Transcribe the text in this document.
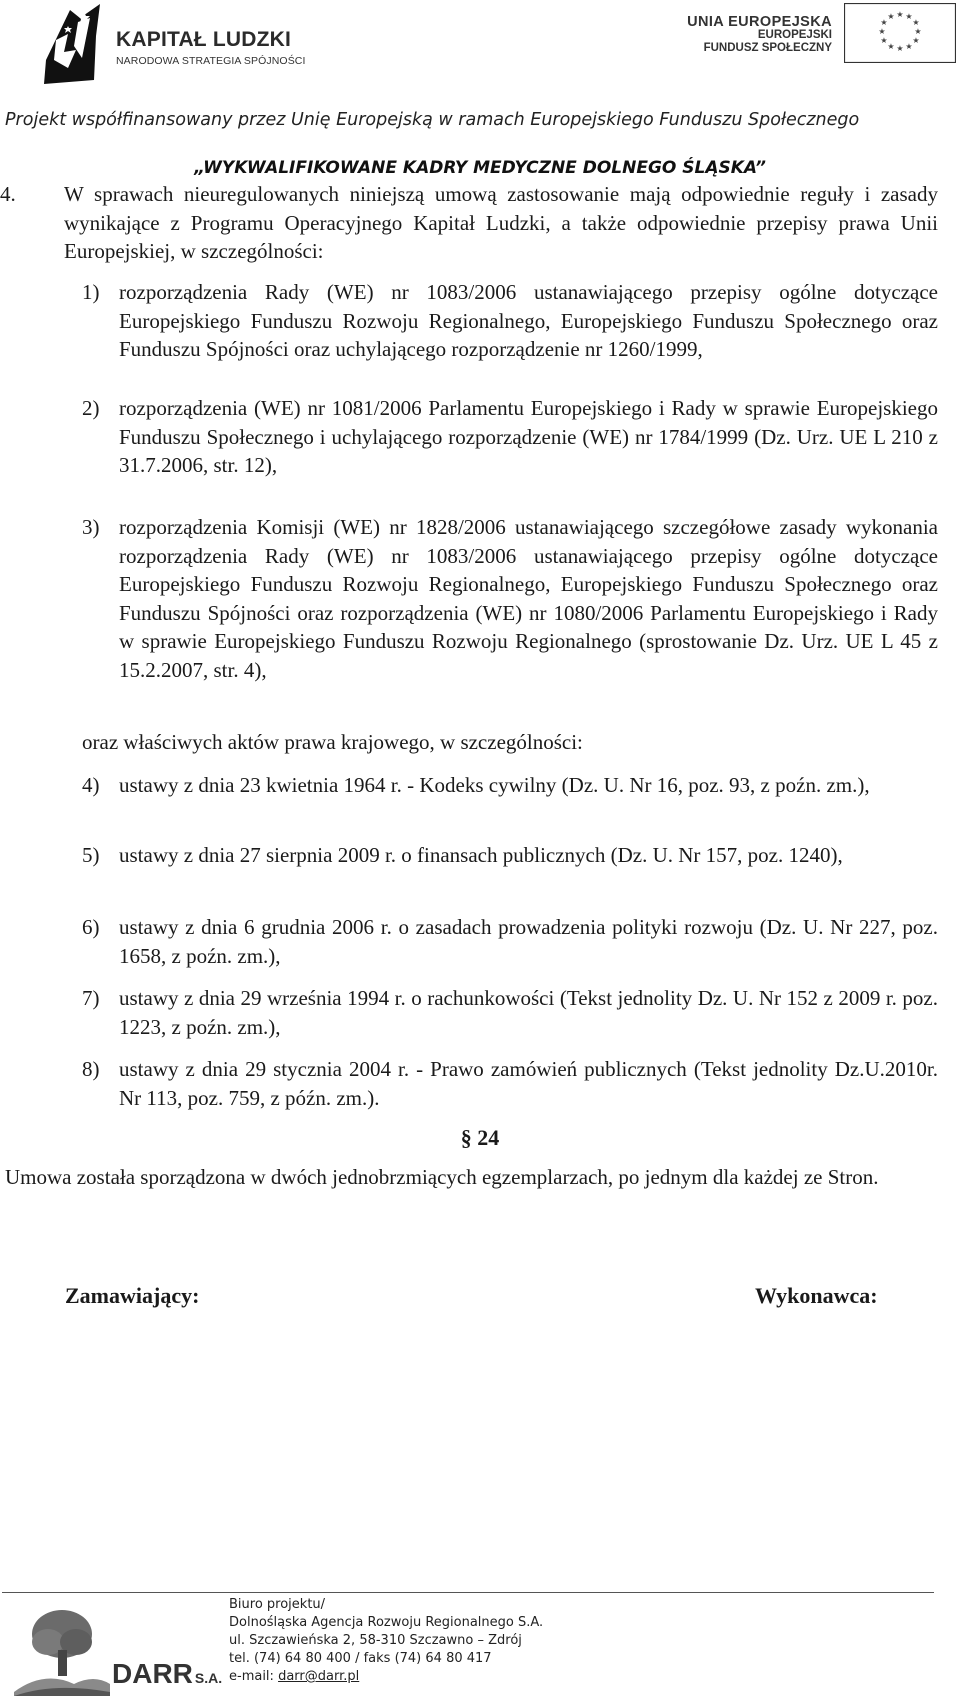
KAPITAŁ LUDZKI
NARODOWA STRATEGIA SPÓJNOŚCI
UNIA EUROPEJSKA
EUROPEJSKI
FUNDUSZ SPOŁECZNY
★ ★
★
★
★
★
★
★
★
★
★
★
Projekt współfinansowany przez Unię Europejską w ramach Europejskiego Funduszu Społecznego
„WYKWALIFIKOWANE KADRY MEDYCZNE DOLNEGO ŚLĄSKA”
4. W sprawach nieuregulowanych niniejszą umową zastosowanie mają odpowiednie reguły i zasady wynikające z Programu Operacyjnego Kapitał Ludzki, a także odpowiednie przepisy prawa Unii Europejskiej, w szczególności:
1) rozporządzenia Rady (WE) nr 1083/2006 ustanawiającego przepisy ogólne dotyczące Europejskiego Funduszu Rozwoju Regionalnego, Europejskiego Funduszu Społecznego oraz Funduszu Spójności oraz uchylającego rozporządzenie nr 1260/1999,
2) rozporządzenia (WE) nr 1081/2006 Parlamentu Europejskiego i Rady w sprawie Europejskiego Funduszu Społecznego i uchylającego rozporządzenie (WE) nr 1784/1999 (Dz. Urz. UE L 210 z 31.7.2006, str. 12),
3) rozporządzenia Komisji (WE) nr 1828/2006 ustanawiającego szczegółowe zasady wykonania rozporządzenia Rady (WE) nr 1083/2006 ustanawiającego przepisy ogólne dotyczące Europejskiego Funduszu Rozwoju Regionalnego, Europejskiego Funduszu Społecznego oraz Funduszu Spójności oraz rozporządzenia (WE) nr 1080/2006 Parlamentu Europejskiego i Rady w sprawie Europejskiego Funduszu Rozwoju Regionalnego (sprostowanie Dz. Urz. UE L 45 z 15.2.2007, str. 4),
oraz właściwych aktów prawa krajowego, w szczególności:
4) ustawy z dnia 23 kwietnia 1964 r. - Kodeks cywilny (Dz. U. Nr 16, poz. 93, z poźn. zm.),
5) ustawy z dnia 27 sierpnia 2009 r. o finansach publicznych (Dz. U. Nr 157, poz. 1240),
6) ustawy z dnia 6 grudnia 2006 r. o zasadach prowadzenia polityki rozwoju (Dz. U. Nr 227, poz. 1658, z poźn. zm.),
7) ustawy z dnia 29 września 1994 r. o rachunkowości (Tekst jednolity Dz. U. Nr 152 z 2009 r. poz. 1223, z poźn. zm.),
8) ustawy z dnia 29 stycznia 2004 r. - Prawo zamówień publicznych (Tekst jednolity Dz.U.2010r. Nr 113, poz. 759, z późn. zm.).
§ 24
Umowa została sporządzona w dwóch jednobrzmiących egzemplarzach, po jednym dla każdej ze Stron.
Zamawiający:	Wykonawca:
DARR S.A.
Biuro projektu/
Dolnośląska Agencja Rozwoju Regionalnego S.A.
ul. Szczawieńska 2, 58-310 Szczawno – Zdrój
tel. (74) 64 80 400 / faks (74) 64 80 417
e-mail: darr@darr.pl
